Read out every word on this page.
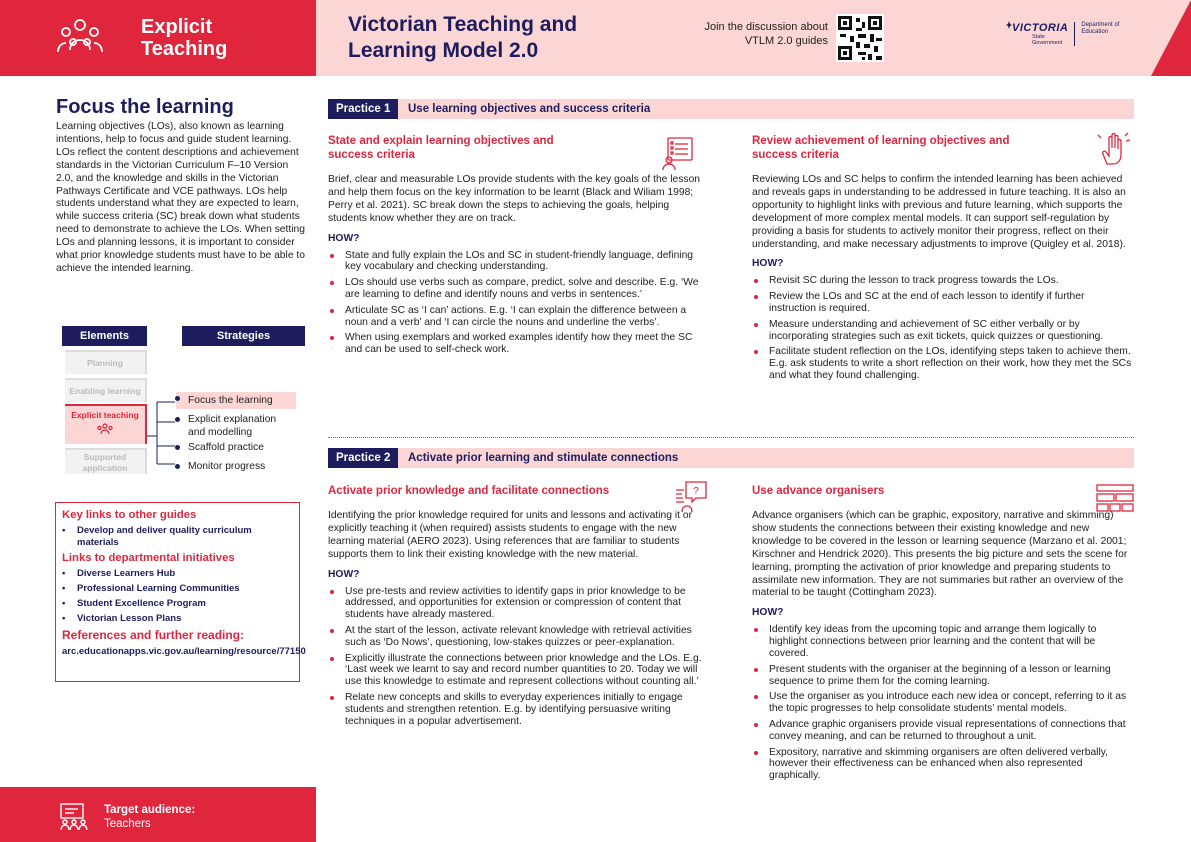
Explicit Teaching
Victorian Teaching and Learning Model 2.0
Join the discussion about VTLM 2.0 guides
VICTORIA
State Government
Department of Education
Focus the learning

Learning objectives (LOs), also known as learning intentions, help to focus and guide student learning. LOs reflect the content descriptions and achievement standards in the Victorian Curriculum F–10 Version 2.0, and the knowledge and skills in the Victorian Pathways Certificate and VCE pathways. LOs help students understand what they are expected to learn, while success criteria (SC) break down what students need to demonstrate to achieve the LOs. When setting LOs and planning lessons, it is important to consider what prior knowledge students must have to be able to achieve the intended learning.

Elements	Strategies
Planning
Enabling learning
Explicit teaching
Supported application
Focus the learning
Explicit explanation and modelling
Scaffold practice
Monitor progress
Key links to other guides
• Develop and deliver quality curriculum materials
Links to departmental initiatives
• Diverse Learners Hub
• Professional Learning Communities
• Student Excellence Program
• Victorian Lesson Plans
References and further reading:
arc.educationapps.vic.gov.au/learning/resource/77150
Target audience:
Teachers
Practice 1	Use learning objectives and success criteria
State and explain learning objectives and success criteria

Brief, clear and measurable LOs provide students with the key goals of the lesson and help them focus on the key information to be learnt (Black and Wiliam 1998; Perry et al. 2021). SC break down the steps to achieving the goals, helping students know whether they are on track.

HOW?
State and fully explain the LOs and SC in student-friendly language, defining key vocabulary and checking understanding.
LOs should use verbs such as compare, predict, solve and describe. E.g. ‘We are learning to define and identify nouns and verbs in sentences.’
Articulate SC as ‘I can’ actions. E.g. ‘I can explain the difference between a noun and a verb’ and ‘I can circle the nouns and underline the verbs’.
When using exemplars and worked examples identify how they meet the SC and can be used to self-check work.
Review achievement of learning objectives and success criteria

Reviewing LOs and SC helps to confirm the intended learning has been achieved and reveals gaps in understanding to be addressed in future teaching. It is also an opportunity to highlight links with previous and future learning, which supports the development of more complex mental models. It can support self-regulation by providing a basis for students to actively monitor their progress, reflect on their understanding, and make necessary adjustments to improve (Quigley et al. 2018).

HOW?
Revisit SC during the lesson to track progress towards the LOs.
Review the LOs and SC at the end of each lesson to identify if further instruction is required.
Measure understanding and achievement of SC either verbally or by incorporating strategies such as exit tickets, quick quizzes or questioning.
Facilitate student reflection on the LOs, identifying steps taken to achieve them. E.g. ask students to write a short reflection on their work, how they met the SCs and what they found challenging.
Practice 2	Activate prior learning and stimulate connections
?
Activate prior knowledge and facilitate connections

Identifying the prior knowledge required for units and lessons and activating it or explicitly teaching it (when required) assists students to engage with the new learning material (AERO 2023). Using references that are familiar to students supports them to link their existing knowledge with the new material.

HOW?
Use pre-tests and review activities to identify gaps in prior knowledge to be addressed, and opportunities for extension or compression of content that students have already mastered.
At the start of the lesson, activate relevant knowledge with retrieval activities such as ‘Do Nows’, questioning, low-stakes quizzes or peer-explanation.
Explicitly illustrate the connections between prior knowledge and the LOs. E.g. ‘Last week we learnt to say and record number quantities to 20. Today we will use this knowledge to estimate and represent collections without counting all.’
Relate new concepts and skills to everyday experiences initially to engage students and strengthen retention. E.g. by identifying persuasive writing techniques in a popular advertisement.
Use advance organisers

Advance organisers (which can be graphic, expository, narrative and skimming) show students the connections between their existing knowledge and new knowledge to be covered in the lesson or learning sequence (Marzano et al. 2001; Kirschner and Hendrick 2020). This presents the big picture and sets the scene for learning, prompting the activation of prior knowledge and preparing students to assimilate new information. They are not summaries but rather an overview of the material to be taught (Cottingham 2023).

HOW?
Identify key ideas from the upcoming topic and arrange them logically to highlight connections between prior learning and the content that will be covered.
Present students with the organiser at the beginning of a lesson or learning sequence to prime them for the coming learning.
Use the organiser as you introduce each new idea or concept, referring to it as the topic progresses to help consolidate students’ mental models.
Advance graphic organisers provide visual representations of connections that convey meaning, and can be returned to throughout a unit.
Expository, narrative and skimming organisers are often delivered verbally, however their effectiveness can be enhanced when also represented graphically.
